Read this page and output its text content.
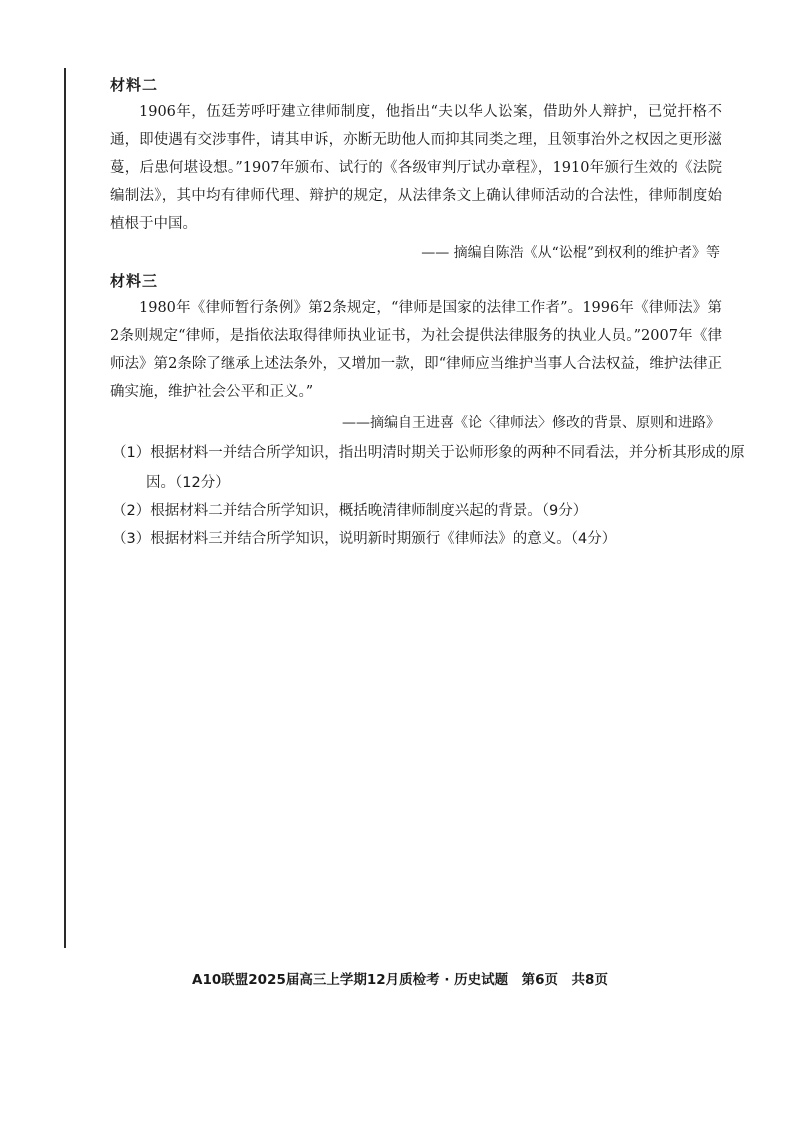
材料二
1906年，伍廷芳呼吁建立律师制度，他指出“夫以华人讼案，借助外人辩护，已觉扞格不通，即使遇有交涉事件，请其申诉，亦断无助他人而抑其同类之理，且领事治外之权因之更形滋蔓，后患何堪设想。”1907年颁布、试行的《各级审判厅试办章程》，1910年颁行生效的《法院编制法》，其中均有律师代理、辩护的规定，从法律条文上确认律师活动的合法性，律师制度始植根于中国。
—— 摘编自陈浩《从“讼棍”到权利的维护者》等
材料三
1980年《律师暂行条例》第2条规定，“律师是国家的法律工作者”。1996年《律师法》第2条则规定“律师，是指依法取得律师执业证书，为社会提供法律服务的执业人员。”2007年《律师法》第2条除了继承上述法条外，又增加一款，即“律师应当维护当事人合法权益，维护法律正确实施，维护社会公平和正义。”
——摘编自王进喜《论〈律师法〉修改的背景、原则和进路》
（1）根据材料一并结合所学知识，指出明清时期关于讼师形象的两种不同看法，并分析其形成的原因。（12分）
（2）根据材料二并结合所学知识，概括晚清律师制度兴起的背景。（9分）
（3）根据材料三并结合所学知识，说明新时期颁行《律师法》的意义。（4分）
A10联盟2025届高三上学期12月质检考 · 历史试题　第6页　共8页
